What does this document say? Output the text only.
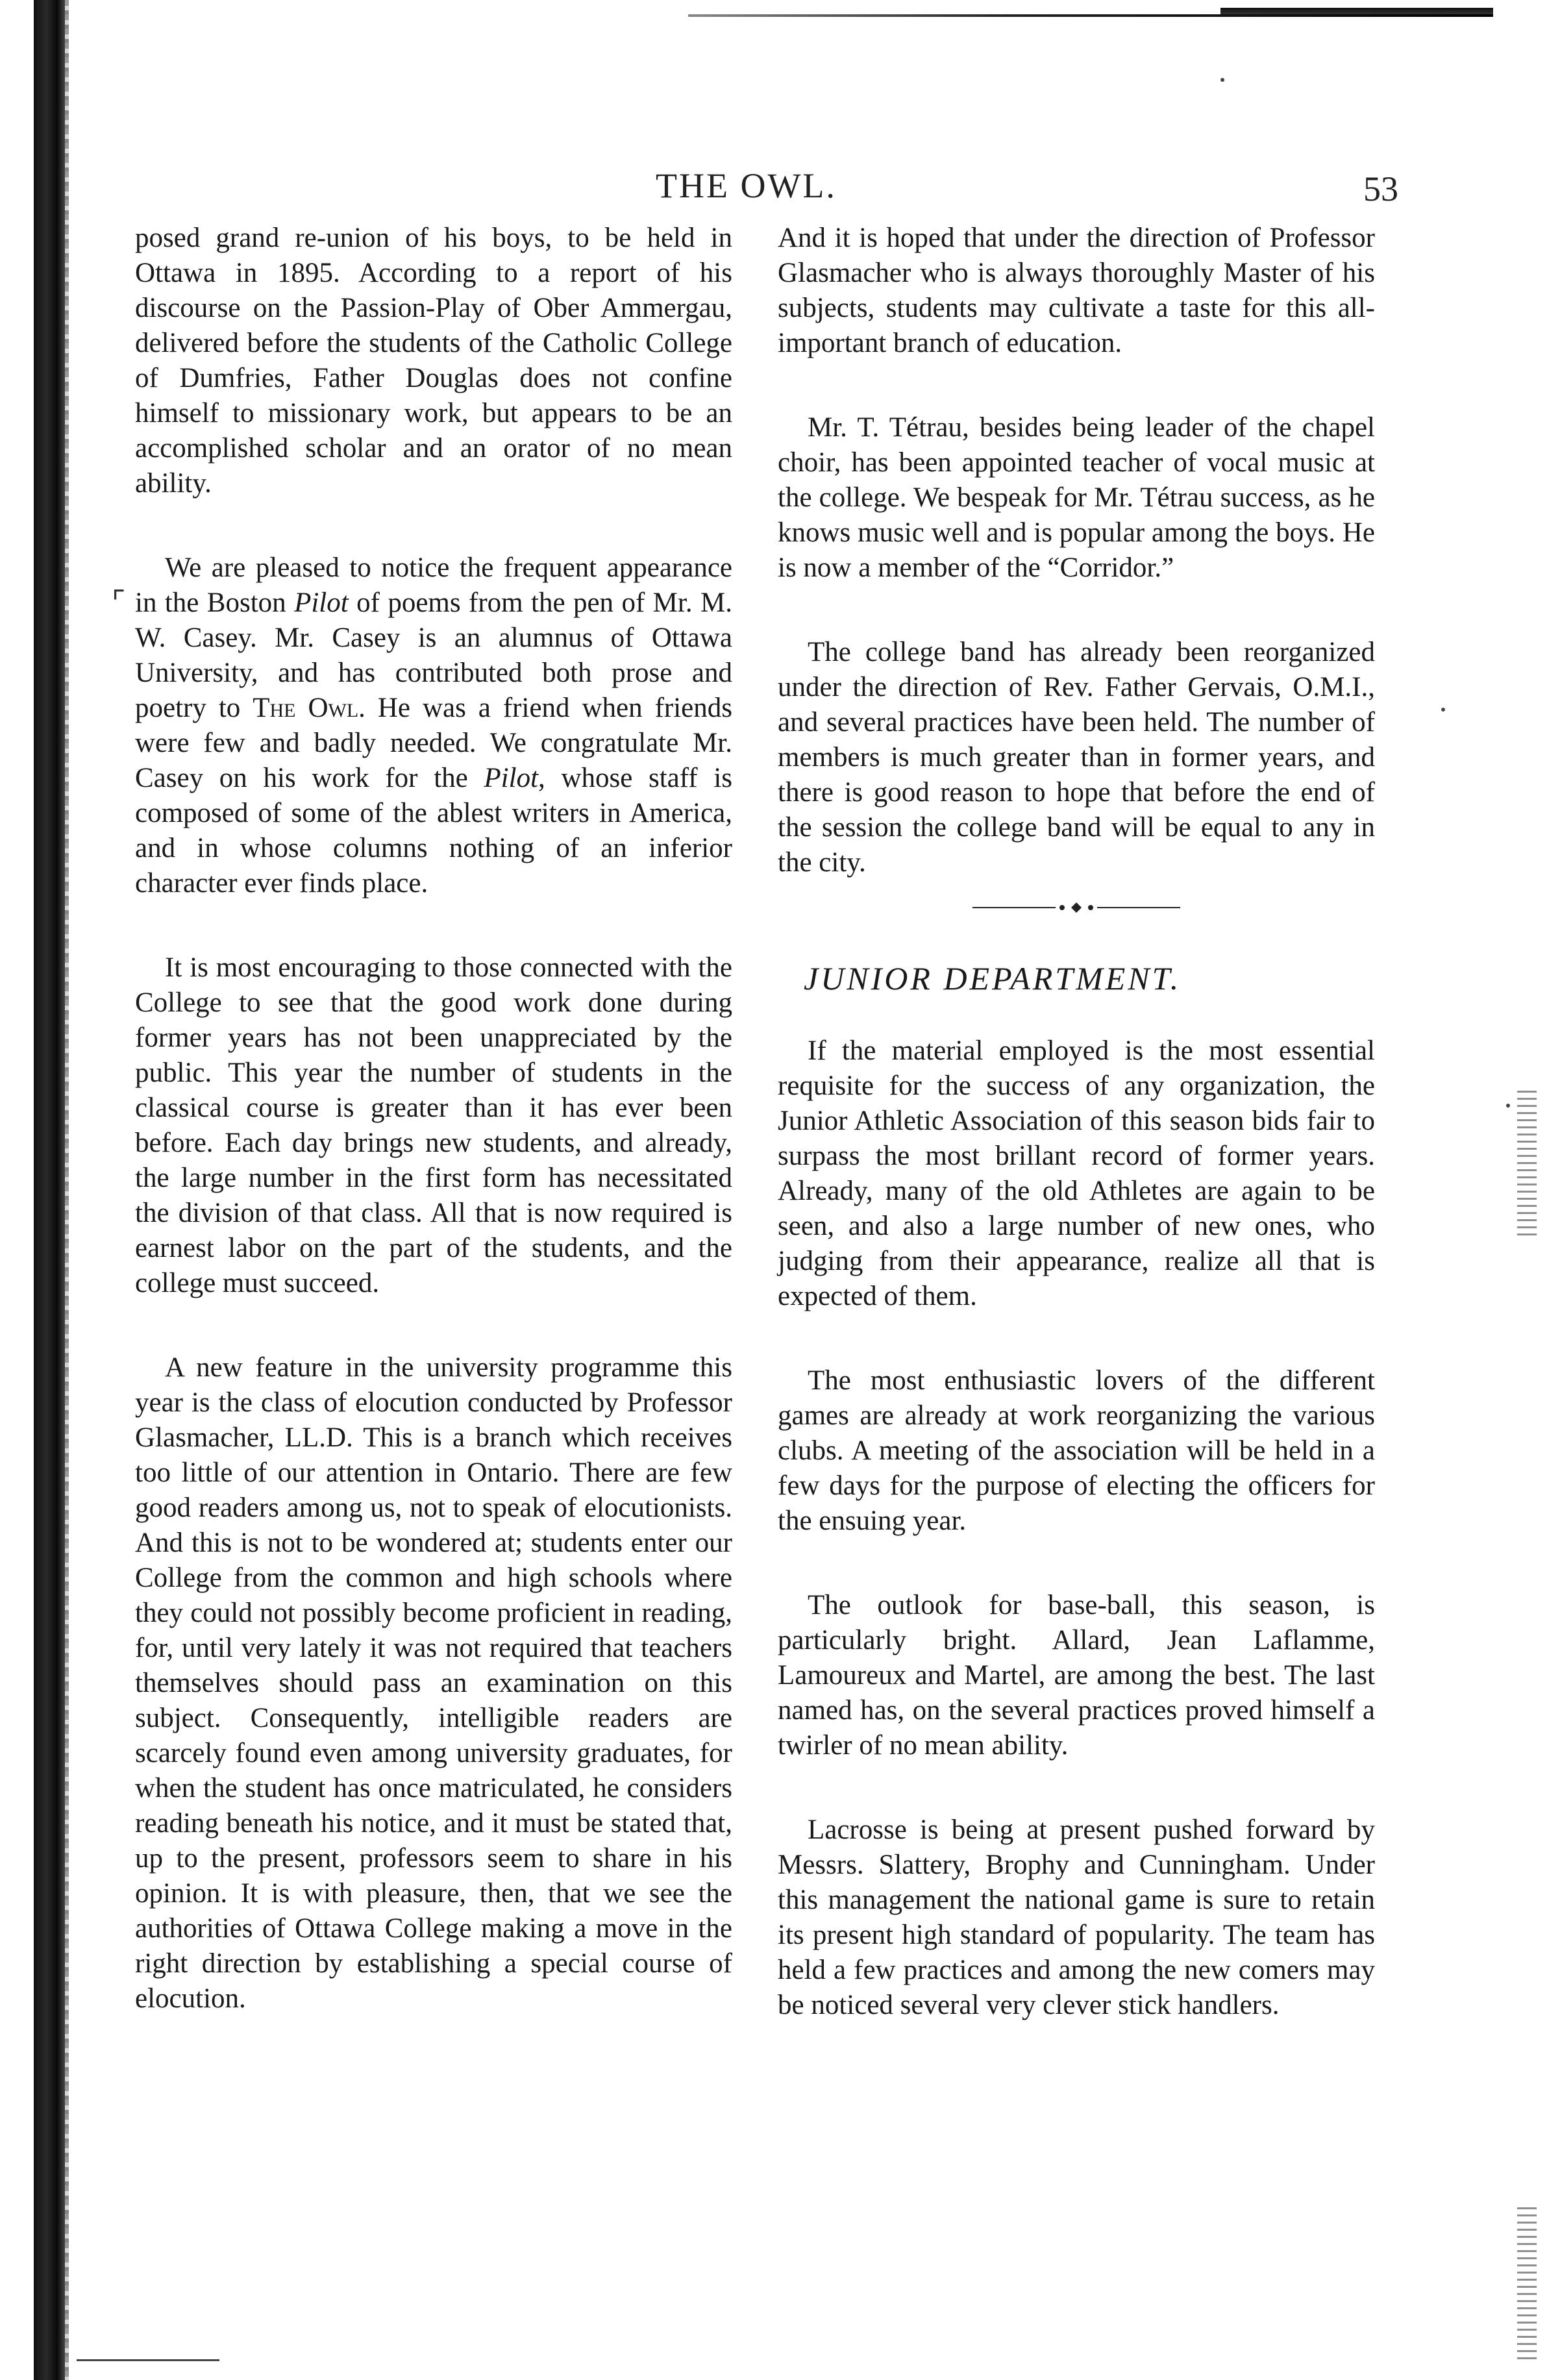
THE OWL.	53
⌜

posed grand re-union of his boys, to be held in Ottawa in 1895. According to a report of his discourse on the Passion-Play of Ober Ammergau, delivered before the students of the Catholic College of Dumfries, Father Douglas does not confine himself to missionary work, but appears to be an accomplished scholar and an orator of no mean ability.

We are pleased to notice the frequent appearance in the Boston Pilot of poems from the pen of Mr. M. W. Casey. Mr. Casey is an alumnus of Ottawa University, and has contributed both prose and poetry to The Owl. He was a friend when friends were few and badly needed. We congratulate Mr. Casey on his work for the Pilot, whose staff is composed of some of the ablest writers in America, and in whose columns nothing of an inferior character ever finds place.

It is most encouraging to those connected with the College to see that the good work done during former years has not been unappreciated by the public. This year the number of students in the classical course is greater than it has ever been before. Each day brings new students, and already, the large number in the first form has necessitated the division of that class. All that is now required is earnest labor on the part of the students, and the college must succeed.

A new feature in the university programme this year is the class of elocution conducted by Professor Glasmacher, LL.D. This is a branch which receives too little of our attention in Ontario. There are few good readers among us, not to speak of elocutionists. And this is not to be wondered at; students enter our College from the common and high schools where they could not possibly become proficient in reading, for, until very lately it was not required that teachers themselves should pass an examination on this subject. Consequently, intelligible readers are scarcely found even among university graduates, for when the student has once matriculated, he considers reading beneath his notice, and it must be stated that, up to the present, professors seem to share in his opinion. It is with pleasure, then, that we see the authorities of Ottawa College making a move in the right direction by establishing a special course of elocution.

And it is hoped that under the direction of Professor Glasmacher who is always thoroughly Master of his subjects, students may cultivate a taste for this all-important branch of education.

Mr. T. Tétrau, besides being leader of the chapel choir, has been appointed teacher of vocal music at the college. We bespeak for Mr. Tétrau success, as he knows music well and is popular among the boys. He is now a member of the “Corridor.”

The college band has already been reorganized under the direction of Rev. Father Gervais, O.M.I., and several practices have been held. The number of members is much greater than in former years, and there is good reason to hope that before the end of the session the college band will be equal to any in the city.

JUNIOR DEPARTMENT.

If the material employed is the most essential requisite for the success of any organization, the Junior Athletic Association of this season bids fair to surpass the most brillant record of former years. Already, many of the old Athletes are again to be seen, and also a large number of new ones, who judging from their appearance, realize all that is expected of them.

The most enthusiastic lovers of the different games are already at work reorganizing the various clubs. A meeting of the association will be held in a few days for the purpose of electing the officers for the ensuing year.

The outlook for base-ball, this season, is particularly bright. Allard, Jean Laflamme, Lamoureux and Martel, are among the best. The last named has, on the several practices proved himself a twirler of no mean ability.

Lacrosse is being at present pushed forward by Messrs. Slattery, Brophy and Cunningham. Under this management the national game is sure to retain its present high standard of popularity. The team has held a few practices and among the new comers may be noticed several very clever stick handlers.
